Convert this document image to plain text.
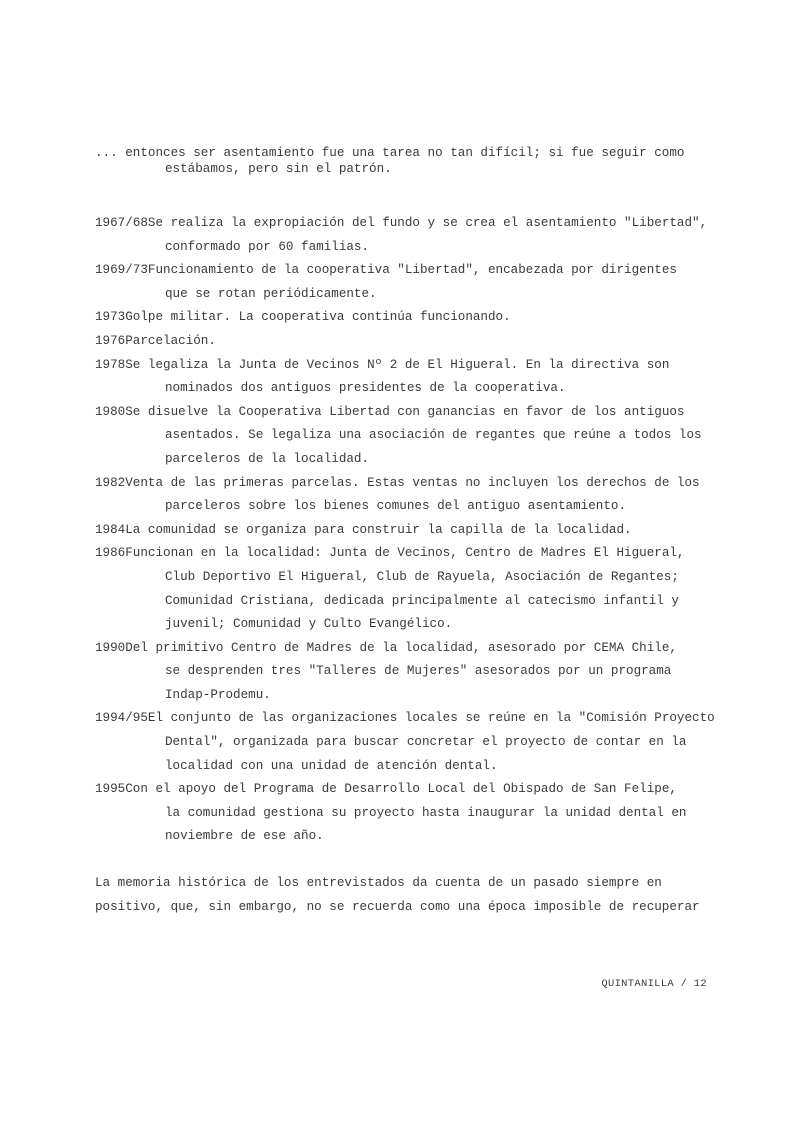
... entonces ser asentamiento fue una tarea no tan difícil; si fue seguir como
estábamos, pero sin el patrón.
1967/68Se realiza la expropiación del fundo y se crea el asentamiento "Libertad",
conformado por 60 familias.
1969/73Funcionamiento de la cooperativa "Libertad", encabezada por dirigentes
que se rotan periódicamente.
1973Golpe militar. La cooperativa continúa funcionando.
1976Parcelación.
1978Se legaliza la Junta de Vecinos Nº 2 de El Higueral. En la directiva son
nominados dos antiguos presidentes de la cooperativa.
1980Se disuelve la Cooperativa Libertad con ganancias en favor de los antiguos
asentados. Se legaliza una asociación de regantes que reúne a todos los
parceleros de la localidad.
1982Venta de las primeras parcelas. Estas ventas no incluyen los derechos de los
parceleros sobre los bienes comunes del antiguo asentamiento.
1984La comunidad se organiza para construir la capilla de la localidad.
1986Funcionan en la localidad: Junta de Vecinos, Centro de Madres El Higueral,
Club Deportivo El Higueral, Club de Rayuela, Asociación de Regantes;
Comunidad Cristiana, dedicada principalmente al catecismo infantil y
juvenil; Comunidad y Culto Evangélico.
1990Del primitivo Centro de Madres de la localidad, asesorado por CEMA Chile,
se desprenden tres "Talleres de Mujeres" asesorados por un programa
Indap-Prodemu.
1994/95El conjunto de las organizaciones locales se reúne en la "Comisión Proyecto
Dental", organizada para buscar concretar el proyecto de contar en la
localidad con una unidad de atención dental.
1995Con el apoyo del Programa de Desarrollo Local del Obispado de San Felipe,
la comunidad gestiona su proyecto hasta inaugurar la unidad dental en
noviembre de ese año.
La memoria histórica de los entrevistados da cuenta de un pasado siempre en
positivo, que, sin embargo, no se recuerda como una época imposible de recuperar
QUINTANILLA / 12
